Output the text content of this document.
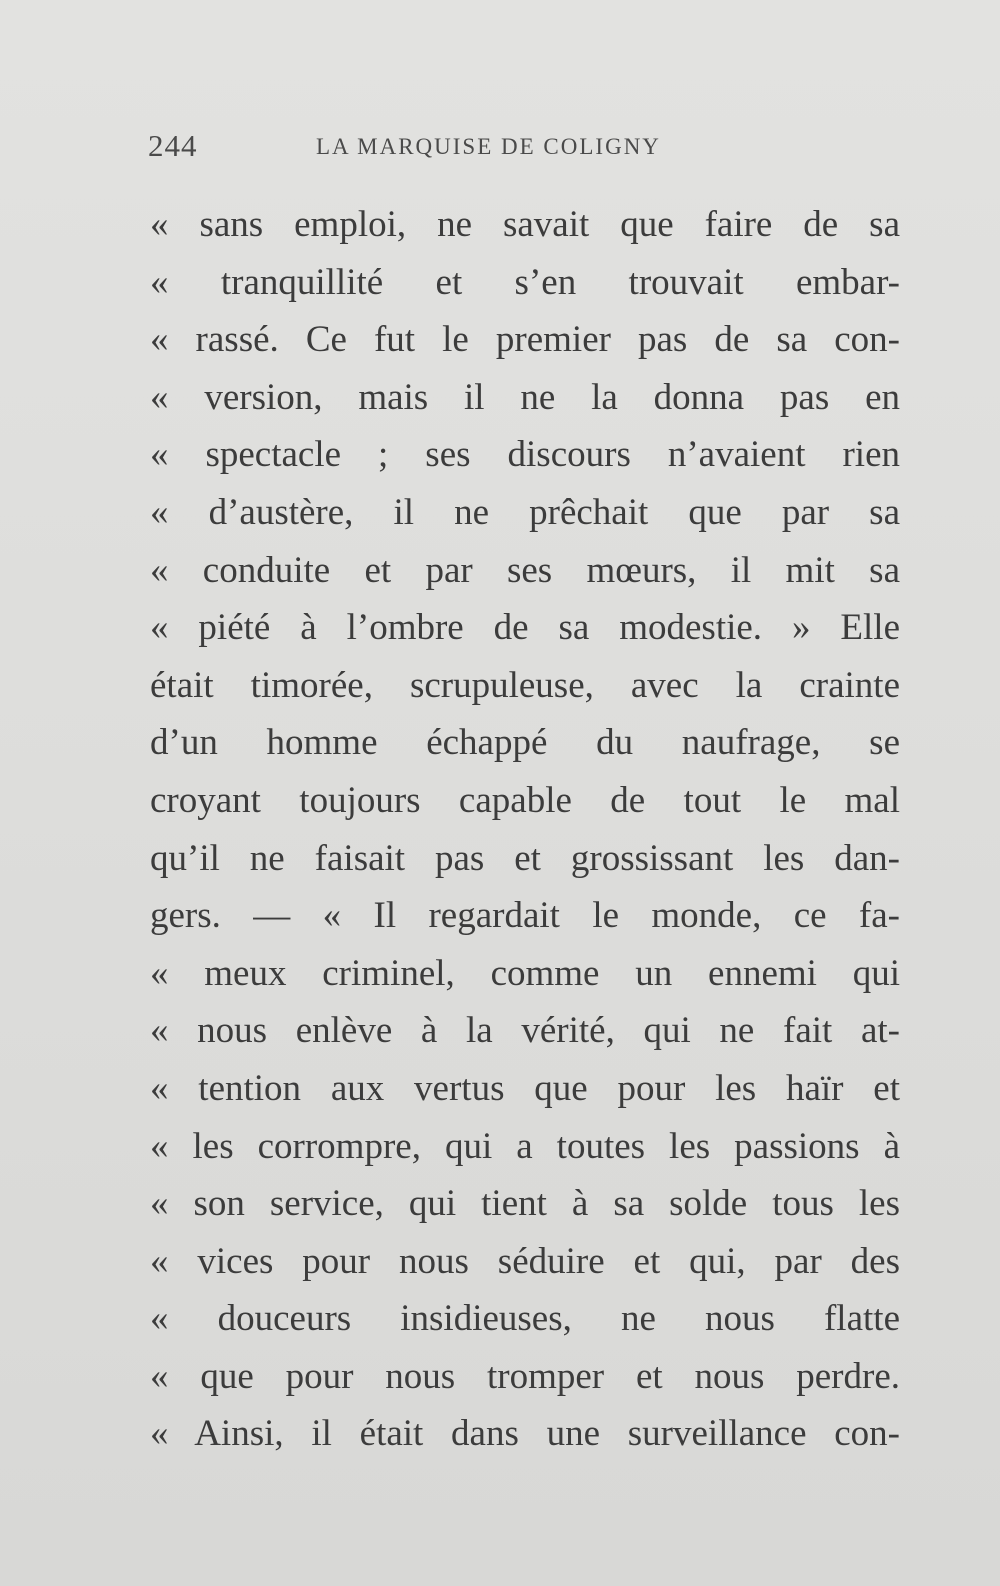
244	LA MARQUISE DE COLIGNY
« sans emploi, ne savait que faire de sa
« tranquillité et s’en trouvait embar-
« rassé. Ce fut le premier pas de sa con-
« version, mais il ne la donna pas en
« spectacle ; ses discours n’avaient rien
« d’austère, il ne prêchait que par sa
« conduite et par ses mœurs, il mit sa
« piété à l’ombre de sa modestie. » Elle
était timorée, scrupuleuse, avec la crainte
d’un homme échappé du naufrage, se
croyant toujours capable de tout le mal
qu’il ne faisait pas et grossissant les dan-
gers. — « Il regardait le monde, ce fa-
« meux criminel, comme un ennemi qui
« nous enlève à la vérité, qui ne fait at-
« tention aux vertus que pour les haïr et
« les corrompre, qui a toutes les passions à
« son service, qui tient à sa solde tous les
« vices pour nous séduire et qui, par des
« douceurs insidieuses, ne nous flatte
« que pour nous tromper et nous perdre.
« Ainsi, il était dans une surveillance con-
